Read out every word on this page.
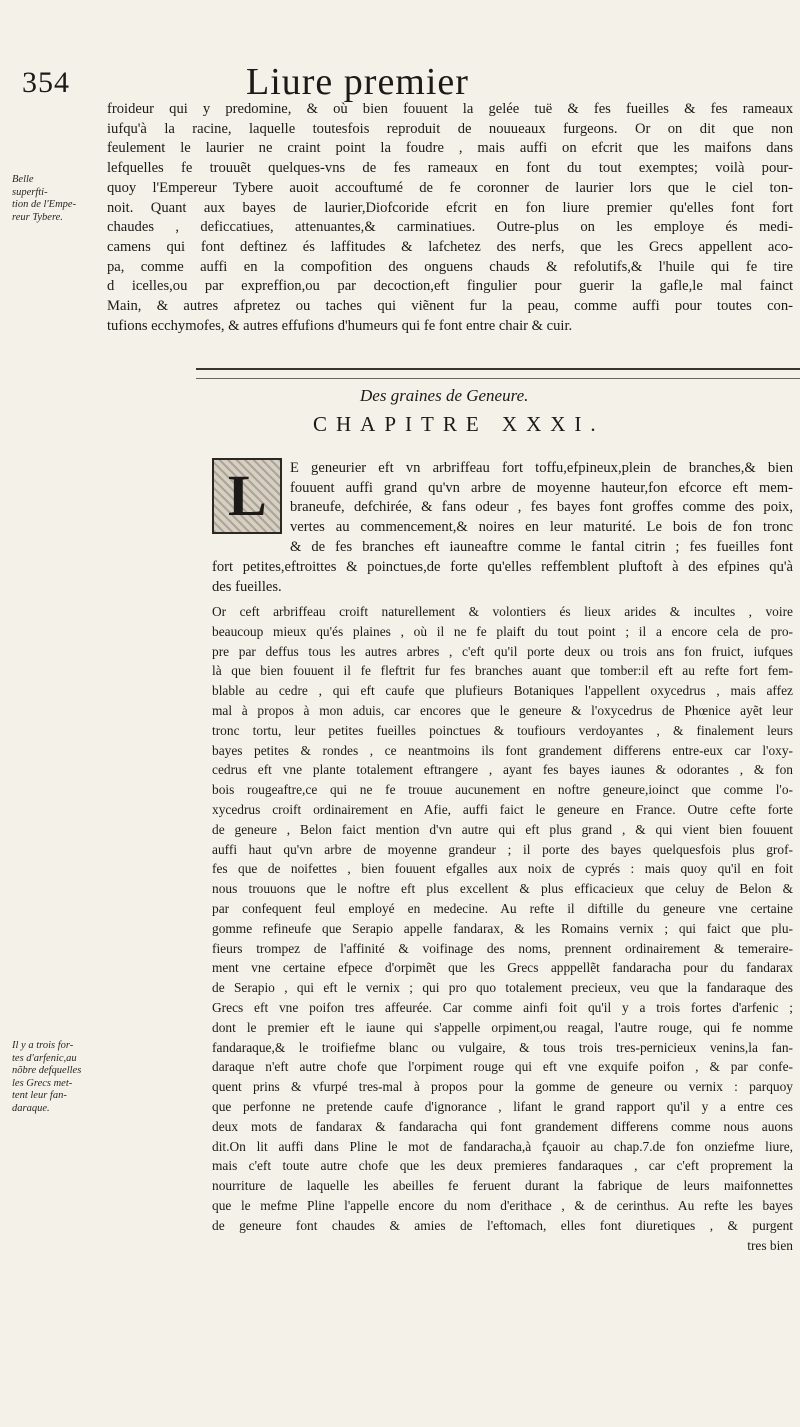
354	Liure premier
froideur qui y predomine, & où bien fouuent la gelée tuë & fes fueilles & fes rameaux
iufqu'à la racine, laquelle toutesfois reproduit de nouueaux furgeons. Or on dit que non
feulement le laurier ne craint point la foudre , mais auffi on efcrit que les maifons dans
lefquelles fe trouuẽt quelques-vns de fes rameaux en font du tout exemptes; voilà pour-
quoy l'Empereur Tybere auoit accouftumé de fe coronner de laurier lors que le ciel ton-
noit. Quant aux bayes de laurier,Diofcoride efcrit en fon liure premier qu'elles font fort
chaudes , deficcatiues, attenuantes,& carminatiues. Outre-plus on les employe és medi-
camens qui font deftinez és laffitudes & lafchetez des nerfs, que les Grecs appellent aco-
pa, comme auffi en la compofition des onguens chauds & refolutifs,& l'huile qui fe tire
d icelles,ou par expreffion,ou par decoction,eft fingulier pour guerir la gafle,le mal fainct
Main, & autres afpretez ou taches qui viẽnent fur la peau, comme auffi pour toutes con-
tufions ecchymofes, & autres effufions d'humeurs qui fe font entre chair & cuir.
Belle
superfti-
tion de l'Empe-
reur Tybere.
Des graines de Geneure.
CHAPITRE XXXI.
L E geneurier eft vn arbriffeau fort toffu,efpineux,plein de branches,& bien
fouuent auffi grand qu'vn arbre de moyenne hauteur,fon efcorce eft mem-
braneufe, defchirée, & fans odeur , fes bayes font groffes comme des poix,
vertes au commencement,& noires en leur maturité. Le bois de fon tronc
& de fes branches eft iauneaftre comme le fantal citrin ; fes fueilles font
fort petites,eftroittes & poinctues,de forte qu'elles reffemblent pluftoft à des efpines qu'à
des fueilles.
Or ceft arbriffeau croift naturellement & volontiers és lieux arides & incultes , voire
beaucoup mieux qu'és plaines , où il ne fe plaift du tout point ; il a encore cela de pro-
pre par deffus tous les autres arbres , c'eft qu'il porte deux ou trois ans fon fruict, iufques
là que bien fouuent il fe fleftrit fur fes branches auant que tomber:il eft au refte fort fem-
blable au cedre , qui eft caufe que plufieurs Botaniques l'appellent oxycedrus , mais affez
mal à propos à mon aduis, car encores que le geneure & l'oxycedrus de Phœnice ayẽt leur
tronc tortu, leur petites fueilles poinctues & toufiours verdoyantes , & finalement leurs
bayes petites & rondes , ce neantmoins ils font grandement differens entre-eux car l'oxy-
cedrus eft vne plante totalement eftrangere , ayant fes bayes iaunes & odorantes , & fon
bois rougeaftre,ce qui ne fe trouue aucunement en noftre geneure,ioinct que comme l'o-
xycedrus croift ordinairement en Afie, auffi faict le geneure en France. Outre cefte forte
de geneure , Belon faict mention d'vn autre qui eft plus grand , & qui vient bien fouuent
auffi haut qu'vn arbre de moyenne grandeur ; il porte des bayes quelquesfois plus grof-
fes que de noifettes , bien fouuent efgalles aux noix de cyprés : mais quoy qu'il en foit
nous trouuons que le noftre eft plus excellent & plus efficacieux que celuy de Belon &
par confequent feul employé en medecine. Au refte il diftille du geneure vne certaine
gomme refineufe que Serapio appelle fandarax, & les Romains vernix ; qui faict que plu-
fieurs trompez de l'affinité & voifinage des noms, prennent ordinairement & temeraire-
ment vne certaine efpece d'orpimẽt que les Grecs apppellẽt fandaracha pour du fandarax
de Serapio , qui eft le vernix ; qui pro quo totalement precieux, veu que la fandaraque des
Grecs eft vne poifon tres affeurée. Car comme ainfi foit qu'il y a trois fortes d'arfenic ;
dont le premier eft le iaune qui s'appelle orpiment,ou reagal, l'autre rouge, qui fe nomme
fandaraque,& le troifiefme blanc ou vulgaire, & tous trois tres-pernicieux venins,la fan-
daraque n'eft autre chofe que l'orpiment rouge qui eft vne exquife poifon , & par confe-
quent prins & vfurpé tres-mal à propos pour la gomme de geneure ou vernix : parquoy
que perfonne ne pretende caufe d'ignorance , lifant le grand rapport qu'il y a entre ces
deux mots de fandarax & fandaracha qui font grandement differens comme nous auons
dit.On lit auffi dans Pline le mot de fandaracha,à fçauoir au chap.7.de fon onziefme liure,
mais c'eft toute autre chofe que les deux premieres fandaraques , car c'eft proprement la
nourriture de laquelle les abeilles fe feruent durant la fabrique de leurs maifonnettes
que le mefme Pline l'appelle encore du nom d'erithace , & de cerinthus. Au refte les bayes
de geneure font chaudes & amies de l'eftomach, elles font diuretiques , & purgent
tres bien
Il y a trois for-
tes d'arfenic,au
nõbre defquelles
les Grecs met-
tent leur fan-
daraque.
